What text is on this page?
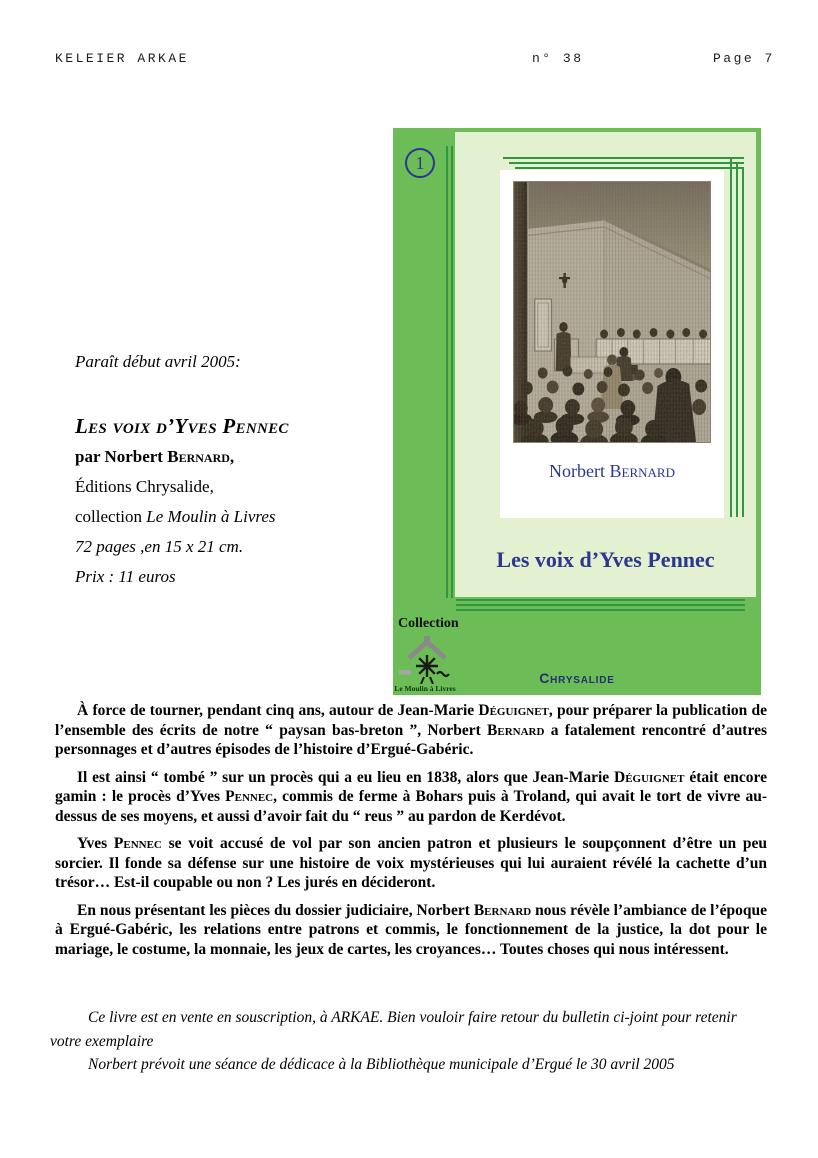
KELEIER ARKAE	n° 38	Page 7
Paraît début avril 2005:
Les voix d’Yves Pennec
par Norbert Bernard,
Éditions Chrysalide,
collection Le Moulin à Livres
72 pages ,en 15 x 21 cm.
Prix : 11 euros
1
Norbert Bernard
Les voix d’Yves Pennec
Collection
Le Moulin à Livres
Chrysalide

À force de tourner, pendant cinq ans, autour de Jean-Marie Déguignet, pour préparer la publication de l’ensemble des écrits de notre “ paysan bas-breton ”, Norbert Bernard a fatalement rencontré d’autres personnages et d’autres épisodes de l’histoire d’Ergué-Gabéric.

Il est ainsi “ tombé ” sur un procès qui a eu lieu en 1838, alors que Jean-Marie Déguignet était encore gamin : le procès d’Yves Pennec, commis de ferme à Bohars puis à Troland, qui avait le tort de vivre au-dessus de ses moyens, et aussi d’avoir fait du “ reus ” au pardon de Kerdévot.

Yves Pennec se voit accusé de vol par son ancien patron et plusieurs le soupçonnent d’être un peu sorcier. Il fonde sa défense sur une histoire de voix mystérieuses qui lui auraient révélé la cachette d’un trésor… Est-il coupable ou non ? Les jurés en décideront.

En nous présentant les pièces du dossier judiciaire, Norbert Bernard nous révèle l’ambiance de l’époque à Ergué-Gabéric, les relations entre patrons et commis, le fonctionnement de la justice, la dot pour le mariage, le costume, la monnaie, les jeux de cartes, les croyances… Toutes choses qui nous intéressent.

Ce livre est en vente en souscription, à ARKAE. Bien vouloir faire retour du bulletin ci-joint pour retenir votre exemplaire

Norbert prévoit une séance de dédicace à la Bibliothèque municipale d’Ergué le 30 avril 2005
